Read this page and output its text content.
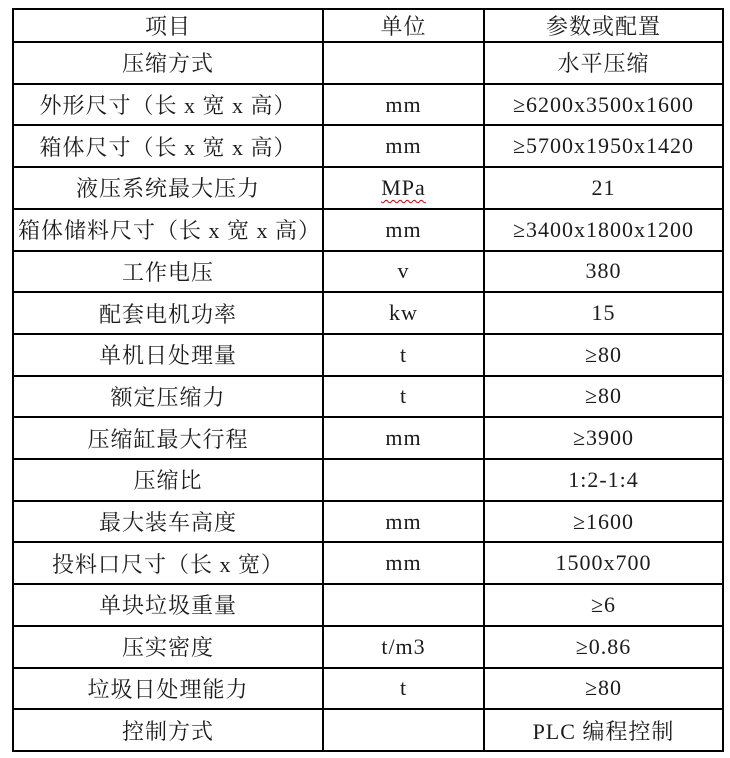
项目	单位	参数或配置
压缩方式		水平压缩
外形尺寸（长 x 宽 x 高）	mm	≥6200x3500x1600
箱体尺寸（长 x 宽 x 高）	mm	≥5700x1950x1420
液压系统最大压力	MPa	21
箱体储料尺寸（长 x 宽 x 高）	mm	≥3400x1800x1200
工作电压	v	380
配套电机功率	kw	15
单机日处理量	t	≥80
额定压缩力	t	≥80
压缩缸最大行程	mm	≥3900
压缩比		1:2-1:4
最大装车高度	mm	≥1600
投料口尺寸（长 x 宽）	mm	1500x700
单块垃圾重量		≥6
压实密度	t/m3	≥0.86
垃圾日处理能力	t	≥80
控制方式		PLC 编程控制
